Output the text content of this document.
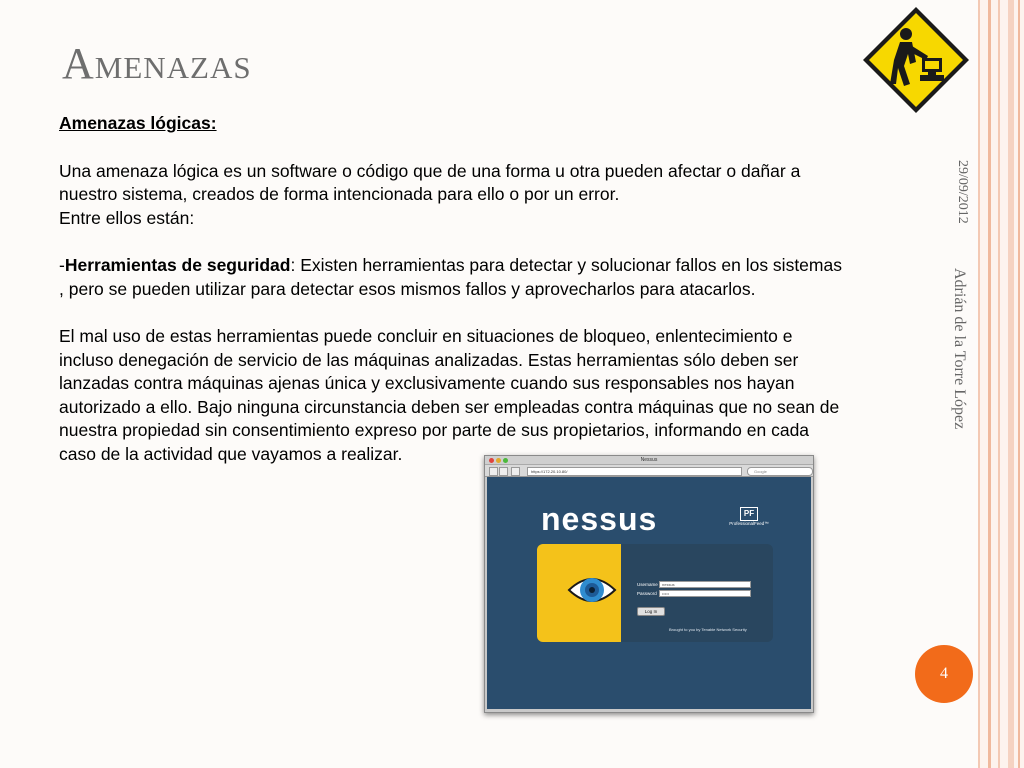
Amenazas

Amenazas lógicas:

Una amenaza lógica es un software o código que de una forma u otra pueden afectar o dañar a

nuestro sistema, creados de forma intencionada para ello o por un error.

Entre ellos están:

-Herramientas de seguridad: Existen herramientas para detectar y solucionar fallos en los sistemas

, pero se pueden utilizar para detectar esos mismos fallos y aprovecharlos para atacarlos.

El mal uso de estas herramientas puede concluir en situaciones de bloqueo, enlentecimiento e

incluso denegación de servicio de las máquinas analizadas. Estas herramientas sólo deben ser

lanzadas contra máquinas ajenas única y exclusivamente cuando sus responsables nos hayan

autorizado a ello. Bajo ninguna circunstancia deben ser empleadas contra máquinas que no sean de

nuestra propiedad sin consentimiento expreso por parte de sus propietarios, informando en cada

caso de la actividad que vayamos a realizar.

29/09/2012
Adrián de la Torre López
Nessus
https://172.20.10.80/	Google
nessus	PF
ProfessionalFeed™
Username	nessus
Password	•••••
Log In
Brought to you by Tenable Network Security
4
